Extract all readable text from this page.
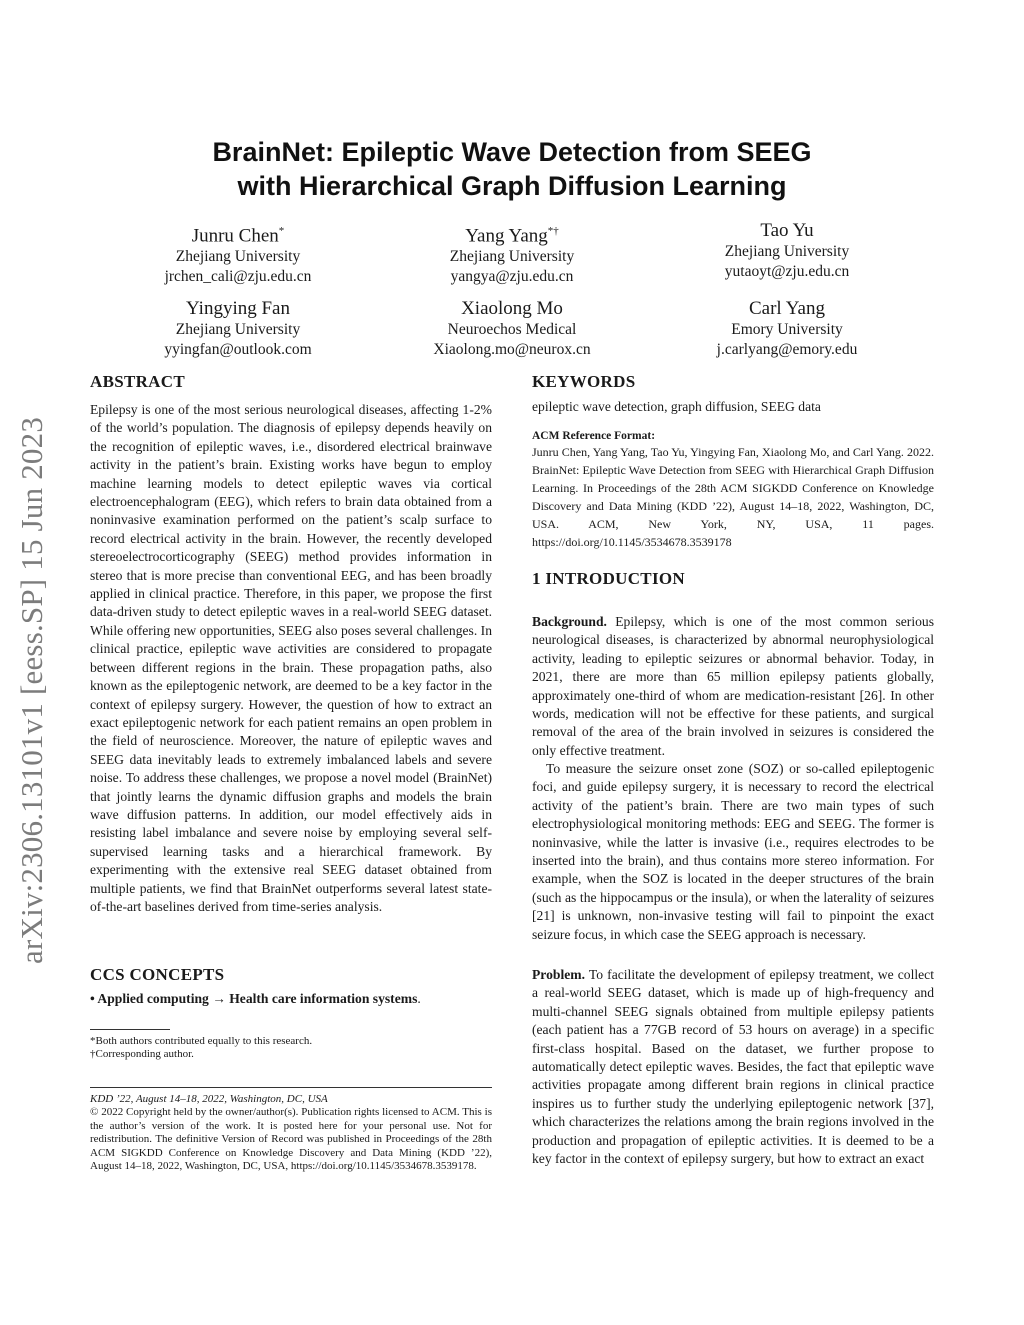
arXiv:2306.13101v1 [eess.SP] 15 Jun 2023
BrainNet: Epileptic Wave Detection from SEEG
with Hierarchical Graph Diffusion Learning
Junru Chen*
Zhejiang University
jrchen_cali@zju.edu.cn
Yang Yang*†
Zhejiang University
yangya@zju.edu.cn
Tao Yu
Zhejiang University
yutaoyt@zju.edu.cn
Yingying Fan
Zhejiang University
yyingfan@outlook.com
Xiaolong Mo
Neuroechos Medical
Xiaolong.mo@neurox.cn
Carl Yang
Emory University
j.carlyang@emory.edu
ABSTRACT

Epilepsy is one of the most serious neurological diseases, affecting 1-2% of the world’s population. The diagnosis of epilepsy depends heavily on the recognition of epileptic waves, i.e., disordered electrical brainwave activity in the patient’s brain. Existing works have begun to employ machine learning models to detect epileptic waves via cortical electroencephalogram (EEG), which refers to brain data obtained from a noninvasive examination performed on the patient’s scalp surface to record electrical activity in the brain. However, the recently developed stereoelectrocorticography (SEEG) method provides information in stereo that is more precise than conventional EEG, and has been broadly applied in clinical practice. Therefore, in this paper, we propose the first data-driven study to detect epileptic waves in a real-world SEEG dataset. While offering new opportunities, SEEG also poses several challenges. In clinical practice, epileptic wave activities are considered to propagate between different regions in the brain. These propagation paths, also known as the epileptogenic network, are deemed to be a key factor in the context of epilepsy surgery. However, the question of how to extract an exact epileptogenic network for each patient remains an open problem in the field of neuroscience. Moreover, the nature of epileptic waves and SEEG data inevitably leads to extremely imbalanced labels and severe noise. To address these challenges, we propose a novel model (BrainNet) that jointly learns the dynamic diffusion graphs and models the brain wave diffusion patterns. In addition, our model effectively aids in resisting label imbalance and severe noise by employing several self-supervised learning tasks and a hierarchical framework. By experimenting with the extensive real SEEG dataset obtained from multiple patients, we find that BrainNet outperforms several latest state-of-the-art baselines derived from time-series analysis.

CCS CONCEPTS
• Applied computing → Health care information systems.
*Both authors contributed equally to this research.
†Corresponding author.
KDD ’22, August 14–18, 2022, Washington, DC, USA
© 2022 Copyright held by the owner/author(s). Publication rights licensed to ACM. This is the author’s version of the work. It is posted here for your personal use. Not for redistribution. The definitive Version of Record was published in Proceedings of the 28th ACM SIGKDD Conference on Knowledge Discovery and Data Mining (KDD ’22), August 14–18, 2022, Washington, DC, USA, https://doi.org/10.1145/3534678.3539178.
KEYWORDS
epileptic wave detection, graph diffusion, SEEG data
ACM Reference Format:
Junru Chen, Yang Yang, Tao Yu, Yingying Fan, Xiaolong Mo, and Carl Yang. 2022. BrainNet: Epileptic Wave Detection from SEEG with Hierarchical Graph Diffusion Learning. In Proceedings of the 28th ACM SIGKDD Conference on Knowledge Discovery and Data Mining (KDD ’22), August 14–18, 2022, Washington, DC, USA. ACM, New York, NY, USA, 11 pages. https://doi.org/10.1145/3534678.3539178
1 INTRODUCTION

Background. Epilepsy, which is one of the most common serious neurological diseases, is characterized by abnormal neurophysiological activity, leading to epileptic seizures or abnormal behavior. Today, in 2021, there are more than 65 million epilepsy patients globally, approximately one-third of whom are medication-resistant [26]. In other words, medication will not be effective for these patients, and surgical removal of the area of the brain involved in seizures is considered the only effective treatment.

To measure the seizure onset zone (SOZ) or so-called epileptogenic foci, and guide epilepsy surgery, it is necessary to record the electrical activity of the patient’s brain. There are two main types of such electrophysiological monitoring methods: EEG and SEEG. The former is noninvasive, while the latter is invasive (i.e., requires electrodes to be inserted into the brain), and thus contains more stereo information. For example, when the SOZ is located in the deeper structures of the brain (such as the hippocampus or the insula), or when the laterality of seizures [21] is unknown, non-invasive testing will fail to pinpoint the exact seizure focus, in which case the SEEG approach is necessary.

Problem. To facilitate the development of epilepsy treatment, we collect a real-world SEEG dataset, which is made up of high-frequency and multi-channel SEEG signals obtained from multiple epilepsy patients (each patient has a 77GB record of 53 hours on average) in a specific first-class hospital. Based on the dataset, we further propose to automatically detect epileptic waves. Besides, the fact that epileptic wave activities propagate among different brain regions in clinical practice inspires us to further study the underlying epileptogenic network [37], which characterizes the relations among the brain regions involved in the production and propagation of epileptic activities. It is deemed to be a key factor in the context of epilepsy surgery, but how to extract an exact
